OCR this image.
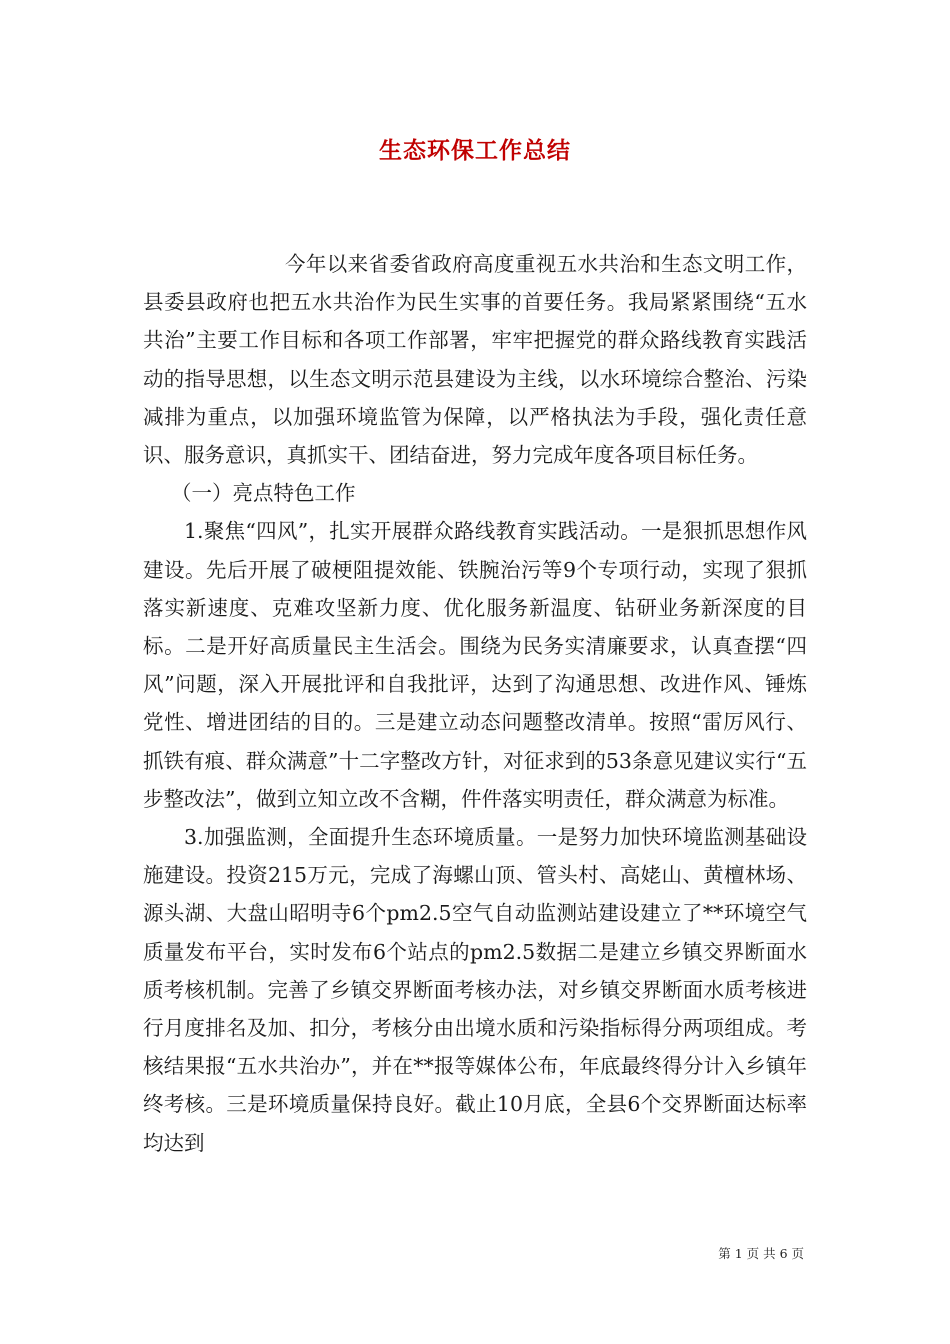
生态环保工作总结

今年以来省委省政府高度重视五水共治和生态文明工作，县委县政府也把五水共治作为民生实事的首要任务。我局紧紧围绕“五水共治”主要工作目标和各项工作部署，牢牢把握党的群众路线教育实践活动的指导思想，以生态文明示范县建设为主线，以水环境综合整治、污染减排为重点，以加强环境监管为保障，以严格执法为手段，强化责任意识、服务意识，真抓实干、团结奋进，努力完成年度各项目标任务。

（一）亮点特色工作

1.聚焦“四风”，扎实开展群众路线教育实践活动。一是狠抓思想作风建设。先后开展了破梗阻提效能、铁腕治污等9个专项行动，实现了狠抓落实新速度、克难攻坚新力度、优化服务新温度、钻研业务新深度的目标。二是开好高质量民主生活会。围绕为民务实清廉要求，认真查摆“四风”问题，深入开展批评和自我批评，达到了沟通思想、改进作风、锤炼党性、增进团结的目的。三是建立动态问题整改清单。按照“雷厉风行、抓铁有痕、群众满意”十二字整改方针，对征求到的53条意见建议实行“五步整改法”，做到立知立改不含糊，件件落实明责任，群众满意为标准。

3.加强监测，全面提升生态环境质量。一是努力加快环境监测基础设施建设。投资215万元，完成了海螺山顶、管头村、高姥山、黄檀林场、源头湖、大盘山昭明寺6个pm2.5空气自动监测站建设建立了**环境空气质量发布平台，实时发布6个站点的pm2.5数据二是建立乡镇交界断面水质考核机制。完善了乡镇交界断面考核办法，对乡镇交界断面水质考核进行月度排名及加、扣分，考核分由出境水质和污染指标得分两项组成。考核结果报“五水共治办”，并在**报等媒体公布，年底最终得分计入乡镇年终考核。三是环境质量保持良好。截止10月底，全县6个交界断面达标率均达到

第 1 页 共 6 页
